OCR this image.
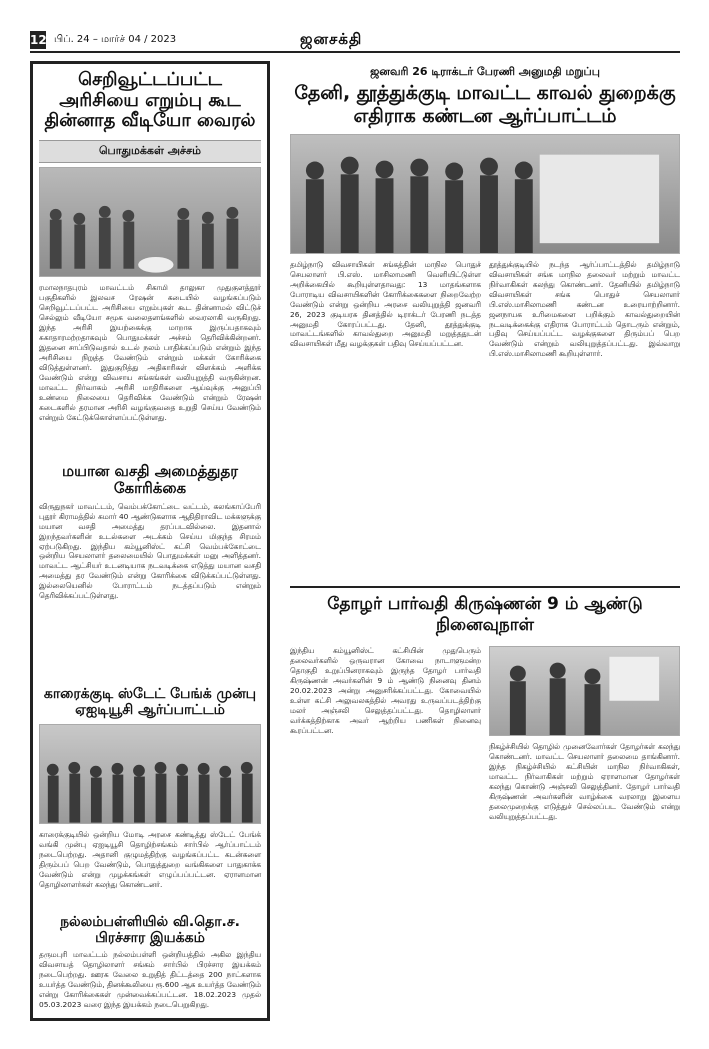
12 பிப். 24 – மார்ச் 04 / 2023	ஜனசக்தி
செறிவூட்டப்பட்ட அரிசியை எறும்பு கூட தின்னாத வீடியோ வைரல்
பொதுமக்கள் அச்சம்
ரமாலநாதபுரம் மாவட்டம் சிகாமி தாலுகா முதுகுளத்தூர் பகுதிகளில் இலவச ரேஷன் கடையில் வழங்கப்படும் செறிவூட்டப்பட்ட அரிசியை எறும்புகள் கூட தின்னாமல் விட்டுச் செல்லும் வீடியோ சமூக வலைதளங்களில் வைரலாகி வருகிறது. இந்த அரிசி இயற்கைக்கு மாறாக இருப்பதாகவும் சுகாதாரமற்றதாகவும் பொதுமக்கள் அச்சம் தெரிவிக்கின்றனர். இதனை சாப்பிடுவதால் உடல் நலம் பாதிக்கப்படும் என்றும் இந்த அரிசியை நிறுத்த வேண்டும் என்றும் மக்கள் கோரிக்கை விடுத்துள்ளனர். இதுகுறித்து அதிகாரிகள் விளக்கம் அளிக்க வேண்டும் என்று விவசாய சங்கங்கள் வலியுறுத்தி வருகின்றன. மாவட்ட நிர்வாகம் அரிசி மாதிரிகளை ஆய்வுக்கு அனுப்பி உண்மை நிலையை தெரிவிக்க வேண்டும் என்றும் ரேஷன் கடைகளில் தரமான அரிசி வழங்குவதை உறுதி செய்ய வேண்டும் என்றும் கேட்டுக்கொள்ளப்பட்டுள்ளது.
மயான வசதி அமைத்துதர கோரிக்கை
விருதுநகர் மாவட்டம், வெம்பக்கோட்டை வட்டம், கலங்காப்பேரி புதூர் கிராமத்தில் சுமார் 40 ஆண்டுகளாக ஆதிதிராவிட மக்களுக்கு மயான வசதி அமைத்து தரப்படவில்லை. இதனால் இறந்தவர்களின் உடல்களை அடக்கம் செய்ய மிகுந்த சிரமம் ஏற்படுகிறது. இந்திய கம்யூனிஸ்ட் கட்சி வெம்பக்கோட்டை ஒன்றிய செயலாளர் தலைமையில் பொதுமக்கள் மனு அளித்தனர். மாவட்ட ஆட்சியர் உடனடியாக நடவடிக்கை எடுத்து மயான வசதி அமைத்து தர வேண்டும் என்று கோரிக்கை விடுக்கப்பட்டுள்ளது. இல்லையெனில் போராட்டம் நடத்தப்படும் என்றும் தெரிவிக்கப்பட்டுள்ளது.
காரைக்குடி ஸ்டேட் பேங்க் முன்பு ஏஐடியூசி ஆர்ப்பாட்டம்
காரைக்குடியில் ஒன்றிய மோடி அரசை கண்டித்து ஸ்டேட் பேங்க் வங்கி முன்பு ஏஐடியூசி தொழிற்சங்கம் சார்பில் ஆர்ப்பாட்டம் நடைபெற்றது. அதானி குழுமத்திற்கு வழங்கப்பட்ட கடன்களை திரும்பப் பெற வேண்டும், பொதுத்துறை வங்கிகளை பாதுகாக்க வேண்டும் என்று முழக்கங்கள் எழுப்பப்பட்டன. ஏராளமான தொழிலாளர்கள் கலந்து கொண்டனர்.
நல்லம்பள்ளியில் வி.தொ.ச. பிரச்சார இயக்கம்
தருமபுரி மாவட்டம் நல்லம்பள்ளி ஒன்றியத்தில் அகில இந்திய விவசாயத் தொழிலாளர் சங்கம் சார்பில் பிரச்சார இயக்கம் நடைபெற்றது. ஊரக வேலை உறுதித் திட்டத்தை 200 நாட்களாக உயர்த்த வேண்டும், தினக்கூலியை ரூ.600 ஆக உயர்த்த வேண்டும் என்று கோரிக்கைகள் முன்வைக்கப்பட்டன. 18.02.2023 முதல் 05.03.2023 வரை இந்த இயக்கம் நடைபெறுகிறது.
ஜனவரி 26 டிராக்டர் பேரணி அனுமதி மறுப்பு
தேனி, தூத்துக்குடி மாவட்ட காவல் துறைக்கு எதிராக கண்டன ஆர்ப்பாட்டம்
தமிழ்நாடு விவசாயிகள் சங்கத்தின் மாநில பொதுச் செயலாளர் பி.எஸ். மாசிலாமணி வெளியிட்டுள்ள அறிக்கையில் கூறியுள்ளதாவது: 13 மாதங்களாக போராடிய விவசாயிகளின் கோரிக்கைகளை நிறைவேற்ற வேண்டும் என்று ஒன்றிய அரசை வலியுறுத்தி ஜனவரி 26, 2023 குடியரசு தினத்தில் டிராக்டர் பேரணி நடத்த அனுமதி கோரப்பட்டது. தேனி, தூத்துக்குடி மாவட்டங்களில் காவல்துறை அனுமதி மறுத்ததுடன் விவசாயிகள் மீது வழக்குகள் பதிவு செய்யப்பட்டன.
தூத்துக்குடியில் நடந்த ஆர்ப்பாட்டத்தில் தமிழ்நாடு விவசாயிகள் சங்க மாநில தலைவர் மற்றும் மாவட்ட நிர்வாகிகள் கலந்து கொண்டனர். தேனியில் தமிழ்நாடு விவசாயிகள் சங்க பொதுச் செயலாளர் பி.எஸ்.மாசிலாமணி கண்டன உரையாற்றினார். ஜனநாயக உரிமைகளை பறிக்கும் காவல்துறையின் நடவடிக்கைக்கு எதிராக போராட்டம் தொடரும் என்றும், பதிவு செய்யப்பட்ட வழக்குகளை திரும்பப் பெற வேண்டும் என்றும் வலியுறுத்தப்பட்டது. இவ்வாறு பி.எஸ்.மாசிலாமணி கூறியுள்ளார்.
தோழர் பார்வதி கிருஷ்ணன் 9 ம் ஆண்டு நினைவுநாள்
இந்திய கம்யூனிஸ்ட் கட்சியின் முதுபெரும் தலைவர்களில் ஒருவரான கோவை நாடாளுமன்ற தொகுதி உறுப்பினராகவும் இருந்த தோழர் பார்வதி கிருஷ்ணன் அவர்களின் 9 ம் ஆண்டு நினைவு தினம் 20.02.2023 அன்று அனுசரிக்கப்பட்டது. கோவையில் உள்ள கட்சி அலுவலகத்தில் அவரது உருவப்படத்திற்கு மலர் அஞ்சலி செலுத்தப்பட்டது. தொழிலாளர் வர்க்கத்திற்காக அவர் ஆற்றிய பணிகள் நினைவு கூரப்பட்டன.
நிகழ்ச்சியில் தொழில் முனைவோர்கள் தோழர்கள் கலந்து கொண்டனர். மாவட்ட செயலாளர் தலைமை தாங்கினார். இந்த நிகழ்ச்சியில் கட்சியின் மாநில நிர்வாகிகள், மாவட்ட நிர்வாகிகள் மற்றும் ஏராளமான தோழர்கள் கலந்து கொண்டு அஞ்சலி செலுத்தினர். தோழர் பார்வதி கிருஷ்ணன் அவர்களின் வாழ்க்கை வரலாறு இளைய தலைமுறைக்கு எடுத்துச் செல்லப்பட வேண்டும் என்று வலியுறுத்தப்பட்டது.
